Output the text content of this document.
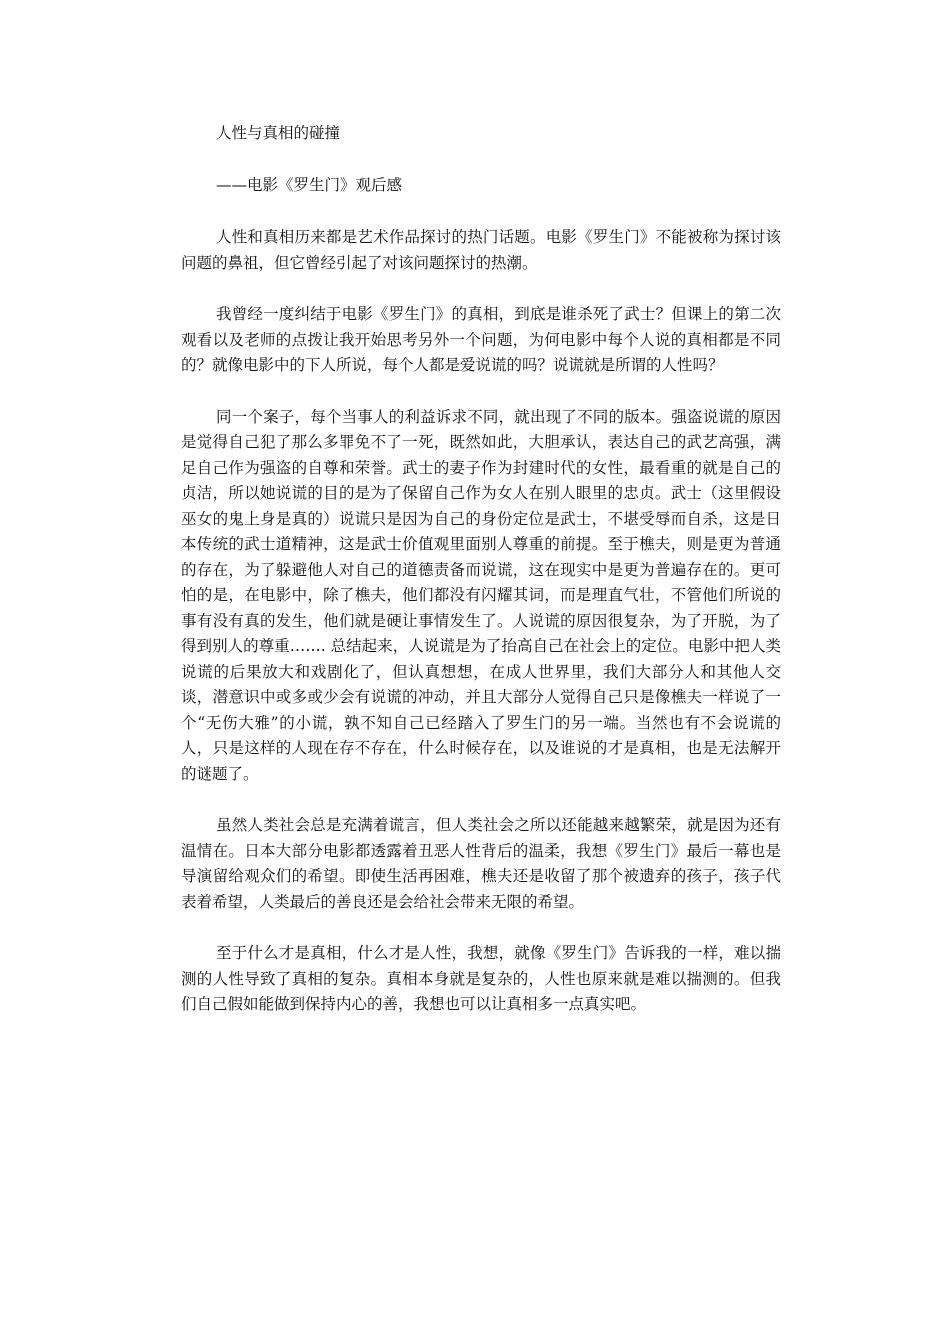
人性与真相的碰撞

——电影《罗生门》观后感

人性和真相历来都是艺术作品探讨的热门话题。电影《罗生门》不能被称为探讨该问题的鼻祖，但它曾经引起了对该问题探讨的热潮。

我曾经一度纠结于电影《罗生门》的真相，到底是谁杀死了武士？但课上的第二次观看以及老师的点拨让我开始思考另外一个问题，为何电影中每个人说的真相都是不同的？就像电影中的下人所说，每个人都是爱说谎的吗？说谎就是所谓的人性吗？

同一个案子，每个当事人的利益诉求不同，就出现了不同的版本。强盗说谎的原因是觉得自己犯了那么多罪免不了一死，既然如此，大胆承认，表达自己的武艺高强，满足自己作为强盗的自尊和荣誉。武士的妻子作为封建时代的女性，最看重的就是自己的贞洁，所以她说谎的目的是为了保留自己作为女人在别人眼里的忠贞。武士（这里假设巫女的鬼上身是真的）说谎只是因为自己的身份定位是武士，不堪受辱而自杀，这是日本传统的武士道精神，这是武士价值观里面别人尊重的前提。至于樵夫，则是更为普通的存在，为了躲避他人对自己的道德责备而说谎，这在现实中是更为普遍存在的。更可怕的是，在电影中，除了樵夫，他们都没有闪耀其词，而是理直气壮，不管他们所说的事有没有真的发生，他们就是硬让事情发生了。人说谎的原因很复杂，为了开脱，为了得到别人的尊重……. 总结起来，人说谎是为了抬高自己在社会上的定位。电影中把人类说谎的后果放大和戏剧化了，但认真想想，在成人世界里，我们大部分人和其他人交谈，潜意识中或多或少会有说谎的冲动，并且大部分人觉得自己只是像樵夫一样说了一个“无伤大雅”的小谎，孰不知自己已经踏入了罗生门的另一端。当然也有不会说谎的人，只是这样的人现在存不存在，什么时候存在，以及谁说的才是真相，也是无法解开的谜题了。

虽然人类社会总是充满着谎言，但人类社会之所以还能越来越繁荣，就是因为还有温情在。日本大部分电影都透露着丑恶人性背后的温柔，我想《罗生门》最后一幕也是导演留给观众们的希望。即使生活再困难，樵夫还是收留了那个被遗弃的孩子，孩子代表着希望，人类最后的善良还是会给社会带来无限的希望。

至于什么才是真相，什么才是人性，我想，就像《罗生门》告诉我的一样，难以揣测的人性导致了真相的复杂。真相本身就是复杂的，人性也原来就是难以揣测的。但我们自己假如能做到保持内心的善，我想也可以让真相多一点真实吧。
